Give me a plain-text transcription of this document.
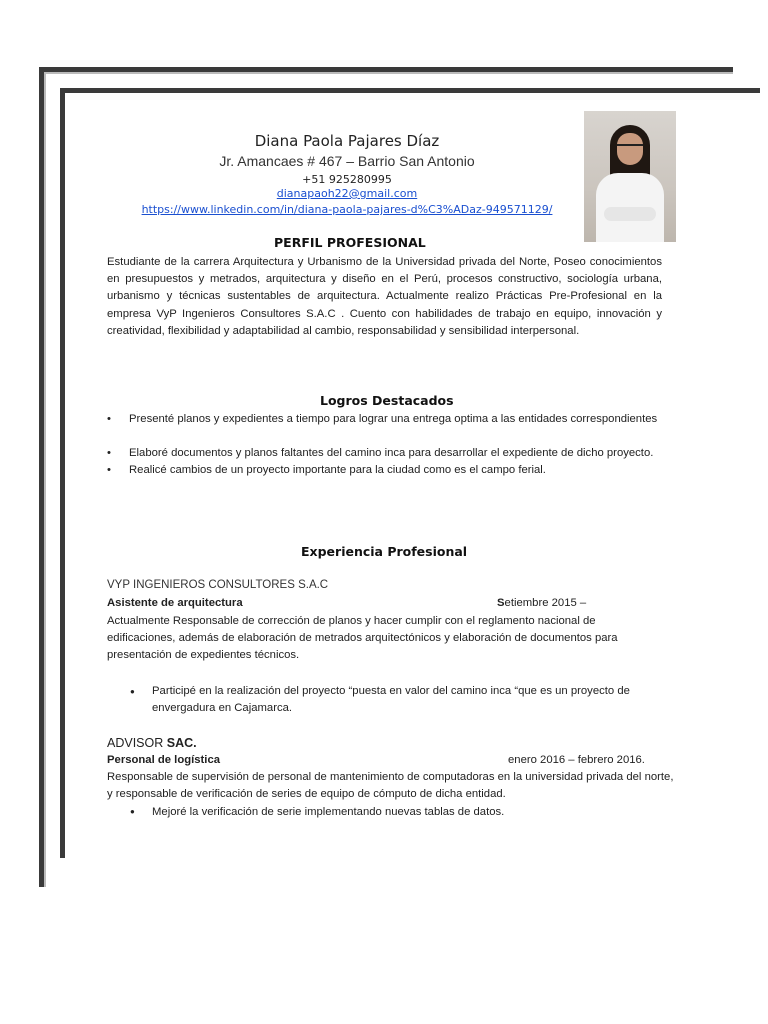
Diana Paola Pajares Díaz
Jr. Amancaes # 467 – Barrio San Antonio
+51 925280995
dianapaoh22@gmail.com
https://www.linkedin.com/in/diana-paola-pajares-d%C3%ADaz-949571129/
PERFIL PROFESIONAL
Estudiante de la carrera Arquitectura y Urbanismo de la Universidad privada del Norte, Poseo conocimientos en presupuestos y metrados, arquitectura y diseño en el Perú, procesos constructivo, sociología urbana, urbanismo y técnicas sustentables de arquitectura. Actualmente realizo Prácticas Pre-Profesional en la empresa VyP Ingenieros Consultores S.A.C . Cuento con habilidades de trabajo en equipo, innovación y creatividad, flexibilidad y adaptabilidad al cambio, responsabilidad y sensibilidad interpersonal.
Logros Destacados
• Presenté planos y expedientes a tiempo para lograr una entrega optima a las entidades correspondientes
• Elaboré documentos y planos faltantes del camino inca para desarrollar el expediente de dicho proyecto.
• Realicé cambios de un proyecto importante para la ciudad como es el campo ferial.
Experiencia Profesional
VYP INGENIEROS CONSULTORES S.A.C
Asistente de arquitectura	Setiembre 2015 –
Actualmente Responsable de corrección de planos y hacer cumplir con el reglamento nacional de edificaciones, además de elaboración de metrados arquitectónicos y elaboración de documentos para presentación de expedientes técnicos.
● Participé en la realización del proyecto “puesta en valor del camino inca “que es un proyecto de envergadura en Cajamarca.
ADVISOR SAC.
Personal de logística	enero 2016 – febrero 2016.
Responsable de supervisión de personal de mantenimiento de computadoras en la universidad privada del norte, y responsable de verificación de series de equipo de cómputo de dicha entidad.
● Mejoré la verificación de serie implementando nuevas tablas de datos.
